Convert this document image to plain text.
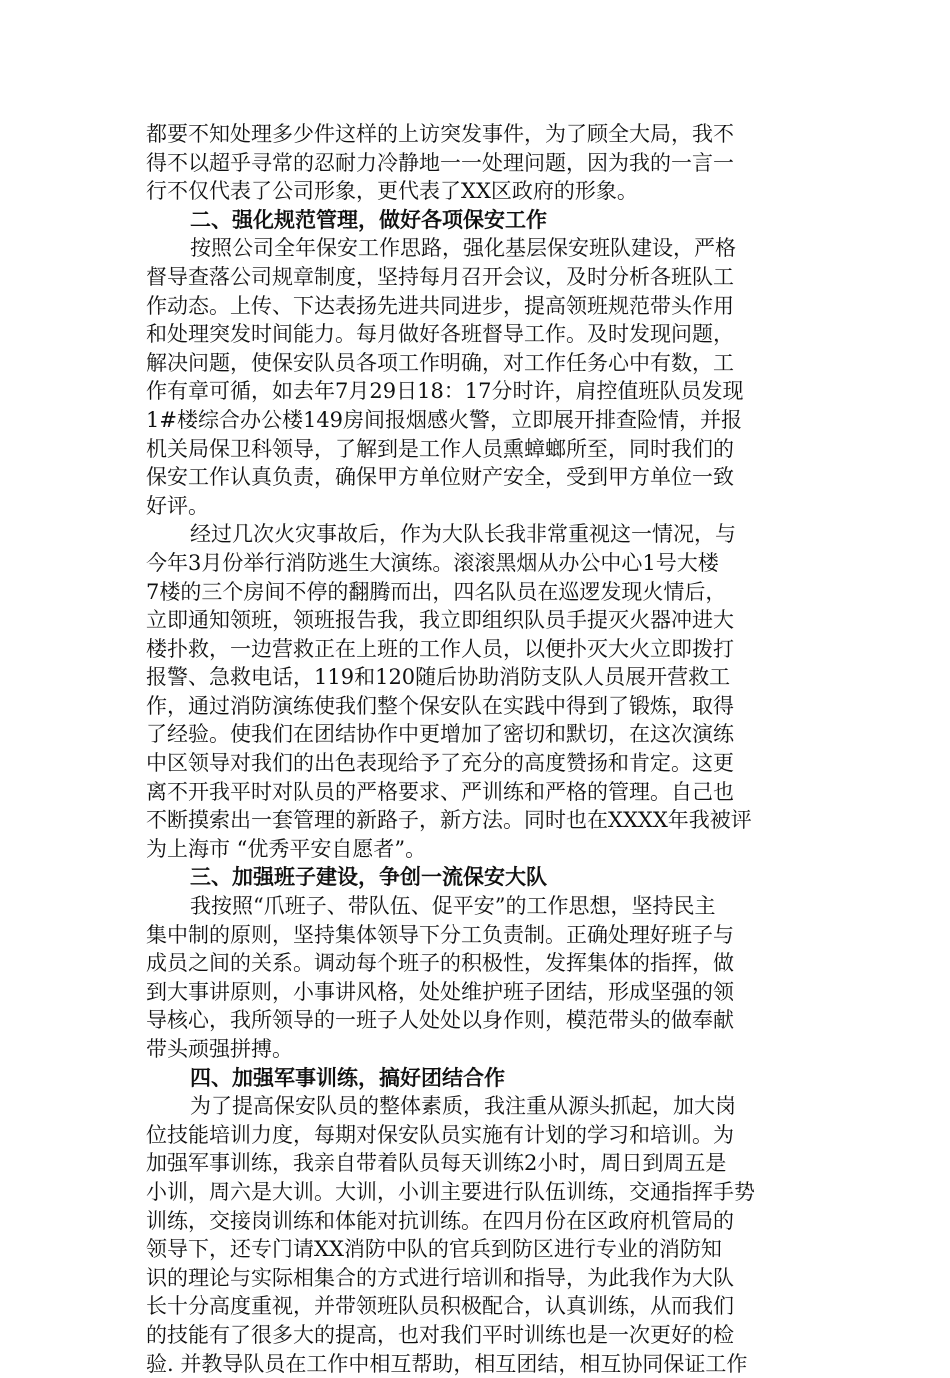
都要不知处理多少件这样的上访突发事件，为了顾全大局，我不
得不以超乎寻常的忍耐力冷静地一一处理问题，因为我的一言一
行不仅代表了公司形象，更代表了XX区政府的形象。
二、强化规范管理，做好各项保安工作
按照公司全年保安工作思路，强化基层保安班队建设，严格
督导查落公司规章制度，坚持每月召开会议，及时分析各班队工
作动态。上传、下达表扬先进共同进步，提高领班规范带头作用
和处理突发时间能力。每月做好各班督导工作。及时发现问题，
解决问题，使保安队员各项工作明确，对工作任务心中有数，工
作有章可循，如去年7月29日18：17分时许，肩控值班队员发现
1#楼综合办公楼149房间报烟感火警，立即展开排查险情，并报
机关局保卫科领导，了解到是工作人员熏蟑螂所至，同时我们的
保安工作认真负责，确保甲方单位财产安全，受到甲方单位一致
好评。
经过几次火灾事故后，作为大队长我非常重视这一情况，与
今年3月份举行消防逃生大演练。滚滚黑烟从办公中心1号大楼
7楼的三个房间不停的翻腾而出，四名队员在巡逻发现火情后，
立即通知领班，领班报告我，我立即组织队员手提灭火器冲进大
楼扑救，一边营救正在上班的工作人员，以便扑灭大火立即拨打
报警、急救电话，119和120随后协助消防支队人员展开营救工
作，通过消防演练使我们整个保安队在实践中得到了锻炼，取得
了经验。使我们在团结协作中更增加了密切和默切，在这次演练
中区领导对我们的出色表现给予了充分的高度赞扬和肯定。这更
离不开我平时对队员的严格要求、严训练和严格的管理。自己也
不断摸索出一套管理的新路子，新方法。同时也在XXXX年我被评
为上海市 “优秀平安自愿者”。
三、加强班子建设，争创一流保安大队
我按照“爪班子、带队伍、促平安”的工作思想，坚持民主
集中制的原则，坚持集体领导下分工负责制。正确处理好班子与
成员之间的关系。调动每个班子的积极性，发挥集体的指挥，做
到大事讲原则，小事讲风格，处处维护班子团结，形成坚强的领
导核心，我所领导的一班子人处处以身作则，模范带头的做奉献
带头顽强拼搏。
四、加强军事训练，搞好团结合作
为了提高保安队员的整体素质，我注重从源头抓起，加大岗
位技能培训力度，每期对保安队员实施有计划的学习和培训。为
加强军事训练，我亲自带着队员每天训练2小时，周日到周五是
小训，周六是大训。大训，小训主要进行队伍训练，交通指挥手势
训练，交接岗训练和体能对抗训练。在四月份在区政府机管局的
领导下，还专门请XX消防中队的官兵到防区进行专业的消防知
识的理论与实际相集合的方式进行培训和指导，为此我作为大队
长十分高度重视，并带领班队员积极配合，认真训练，从而我们
的技能有了很多大的提高，也对我们平时训练也是一次更好的检
验. 并教导队员在工作中相互帮助，相互团结，相互协同保证工作
